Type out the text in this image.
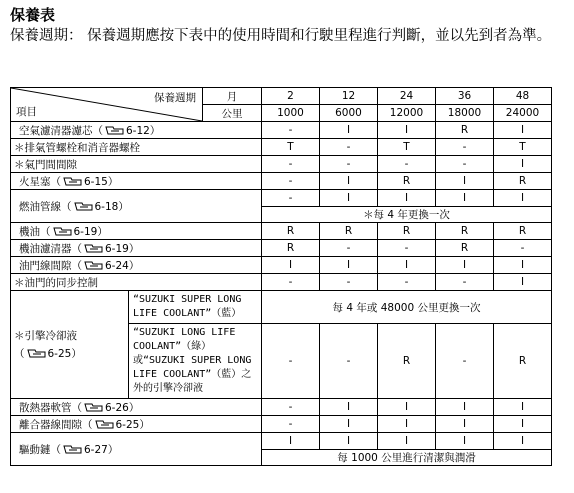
保養表
保養週期： 保養週期應按下表中的使用時間和行駛里程進行判斷，並以先到者為準。
保養週期
項目		月	2	12	24	36	48
		公里	1000	6000	12000	18000	24000
空氣濾清器濾芯（ 6-12）			-	I	I	R	I
＊排氣管螺栓和消音器螺栓			T	-	T	-	T
＊氣門間間隙			-	-	-	-	I
火星塞（ 6-15）			-	I	R	I	R
燃油管線（ 6-18）			-	I	I	I	I
			＊每 4 年更換一次				
機油（ 6-19）			R	R	R	R	R
機油濾清器（ 6-19）			R	-	-	R	-
油門線間隙（ 6-24）			I	I	I	I	I
＊油門的同步控制			-	-	-	-	I
＊引擎冷卻液
（ 6-25）	“SUZUKI SUPER LONG LIFE COOLANT”（藍）		每 4 年或 48000 公里更換一次				
	“SUZUKI LONG LIFE COOLANT”（綠）或“SUZUKI SUPER LONG LIFE COOLANT”（藍）之外的引擎冷卻液		-	-	R	-	R
散熱器軟管（ 6-26）			-	I	I	I	I
離合器線間隙（ 6-25）			-	I	I	I	I
驅動鏈（ 6-27）			I	I	I	I	I
			每 1000 公里進行清潔與潤滑				
